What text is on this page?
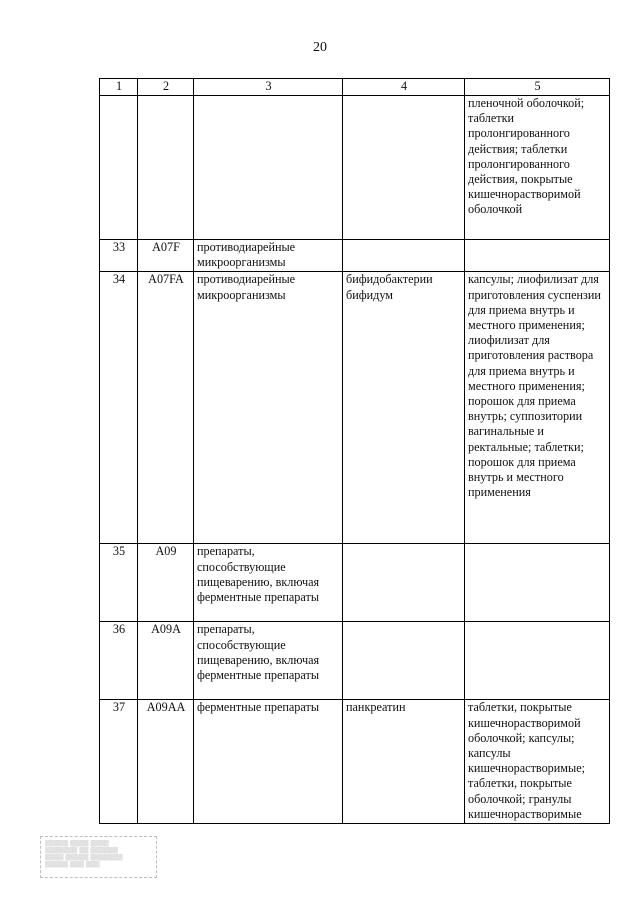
20
1	2	3	4	5
				пленочной оболочкой; таблетки пролонгированного действия; таблетки пролонгированного действия, покрытые кишечнорастворимой оболочкой
33	A07F	противодиарейные микроорганизмы		
34	A07FA	противодиарейные микроорганизмы	бифидобактерии бифидум	капсулы; лиофилизат для приготовления суспензии для приема внутрь и местного применения; лиофилизат для приготовления раствора для приема внутрь и местного применения; порошок для приема внутрь; суппозитории вагинальные и ректальные; таблетки; порошок для приема внутрь и местного применения
35	A09	препараты, способствующие пищеварению, включая ферментные препараты		
36	A09A	препараты, способствующие пищеварению, включая ферментные препараты		
37	A09AA	ферментные препараты	панкреатин	таблетки, покрытые кишечнорастворимой оболочкой; капсулы; капсулы кишечнорастворимые; таблетки, покрытые оболочкой; гранулы кишечнорастворимые
▒▒▒▒▒ ▒▒▒▒ ▒▒▒▒
▒▒▒▒▒▒▒ ▒▒ ▒▒▒▒▒▒
▒▒▒▒ ▒▒▒▒▒ ▒▒▒▒▒▒▒
▒▒▒▒▒ ▒▒▒ ▒▒▒
